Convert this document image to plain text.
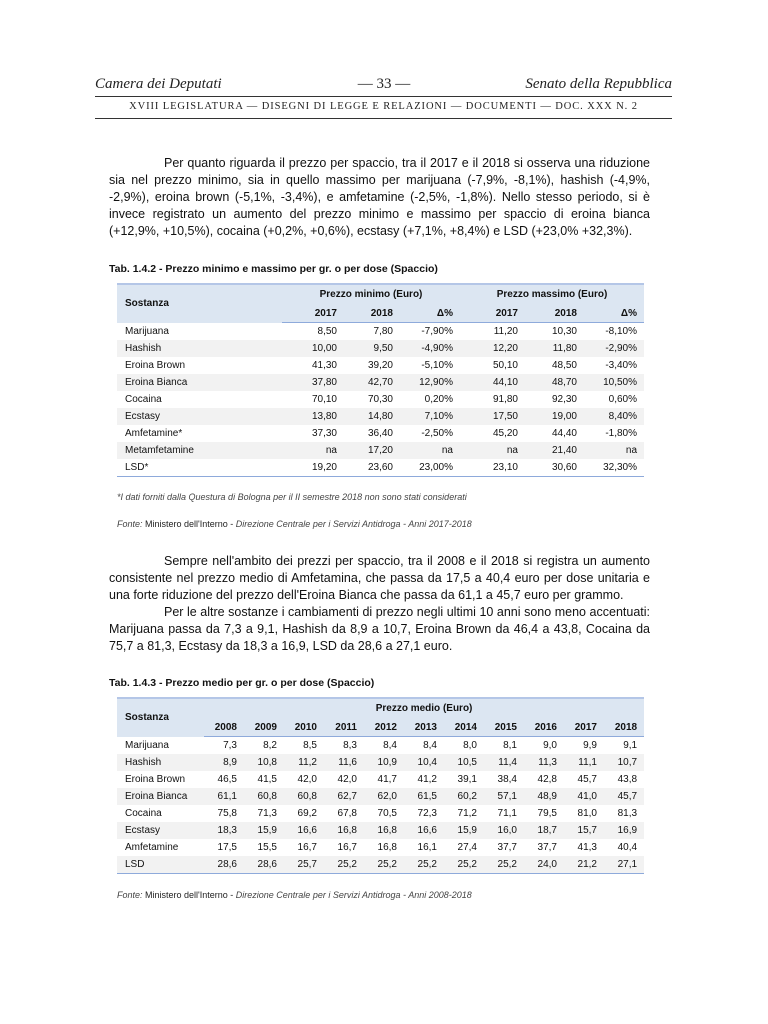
Camera dei Deputati	— 33 —	Senato della Repubblica
XVIII LEGISLATURA — DISEGNI DI LEGGE E RELAZIONI — DOCUMENTI — DOC. XXX N. 2

Per quanto riguarda il prezzo per spaccio, tra il 2017 e il 2018 si osserva una riduzione sia nel prezzo minimo, sia in quello massimo per marijuana (-7,9%, -8,1%), hashish (-4,9%, -2,9%), eroina brown (-5,1%, -3,4%), e amfetamine (-2,5%, -1,8%). Nello stesso periodo, si è invece registrato un aumento del prezzo minimo e massimo per spaccio di eroina bianca (+12,9%, +10,5%), cocaina (+0,2%, +0,6%), ecstasy (+7,1%, +8,4%) e LSD (+23,0% +32,3%).

Tab. 1.4.2 - Prezzo minimo e massimo per gr. o per dose (Spaccio)
Sostanza	Prezzo minimo (Euro)			Prezzo massimo (Euro)		
	2017	2018	Δ%	2017	2018	Δ%
Marijuana	8,50	7,80	-7,90%	11,20	10,30	-8,10%
Hashish	10,00	9,50	-4,90%	12,20	11,80	-2,90%
Eroina Brown	41,30	39,20	-5,10%	50,10	48,50	-3,40%
Eroina Bianca	37,80	42,70	12,90%	44,10	48,70	10,50%
Cocaina	70,10	70,30	0,20%	91,80	92,30	0,60%
Ecstasy	13,80	14,80	7,10%	17,50	19,00	8,40%
Amfetamine*	37,30	36,40	-2,50%	45,20	44,40	-1,80%
Metamfetamine	na	17,20	na	na	21,40	na
LSD*	19,20	23,60	23,00%	23,10	30,60	32,30%
*I dati forniti dalla Questura di Bologna per il II semestre 2018 non sono stati considerati
Fonte: Ministero dell'Interno - Direzione Centrale per i Servizi Antidroga - Anni 2017-2018

Sempre nell'ambito dei prezzi per spaccio, tra il 2008 e il 2018 si registra un aumento consistente nel prezzo medio di Amfetamina, che passa da 17,5 a 40,4 euro per dose unitaria e una forte riduzione del prezzo dell'Eroina Bianca che passa da 61,1 a 45,7 euro per grammo.

Per le altre sostanze i cambiamenti di prezzo negli ultimi 10 anni sono meno accentuati: Marijuana passa da 7,3 a 9,1, Hashish da 8,9 a 10,7, Eroina Brown da 46,4 a 43,8, Cocaina da 75,7 a 81,3, Ecstasy da 18,3 a 16,9, LSD da 28,6 a 27,1 euro.

Tab. 1.4.3 - Prezzo medio per gr. o per dose (Spaccio)
Sostanza	Prezzo medio (Euro)										
	2008	2009	2010	2011	2012	2013	2014	2015	2016	2017	2018
Marijuana	7,3	8,2	8,5	8,3	8,4	8,4	8,0	8,1	9,0	9,9	9,1
Hashish	8,9	10,8	11,2	11,6	10,9	10,4	10,5	11,4	11,3	11,1	10,7
Eroina Brown	46,5	41,5	42,0	42,0	41,7	41,2	39,1	38,4	42,8	45,7	43,8
Eroina Bianca	61,1	60,8	60,8	62,7	62,0	61,5	60,2	57,1	48,9	41,0	45,7
Cocaina	75,8	71,3	69,2	67,8	70,5	72,3	71,2	71,1	79,5	81,0	81,3
Ecstasy	18,3	15,9	16,6	16,8	16,8	16,6	15,9	16,0	18,7	15,7	16,9
Amfetamine	17,5	15,5	16,7	16,7	16,8	16,1	27,4	37,7	37,7	41,3	40,4
LSD	28,6	28,6	25,7	25,2	25,2	25,2	25,2	25,2	24,0	21,2	27,1
Fonte: Ministero dell'Interno - Direzione Centrale per i Servizi Antidroga - Anni 2008-2018
